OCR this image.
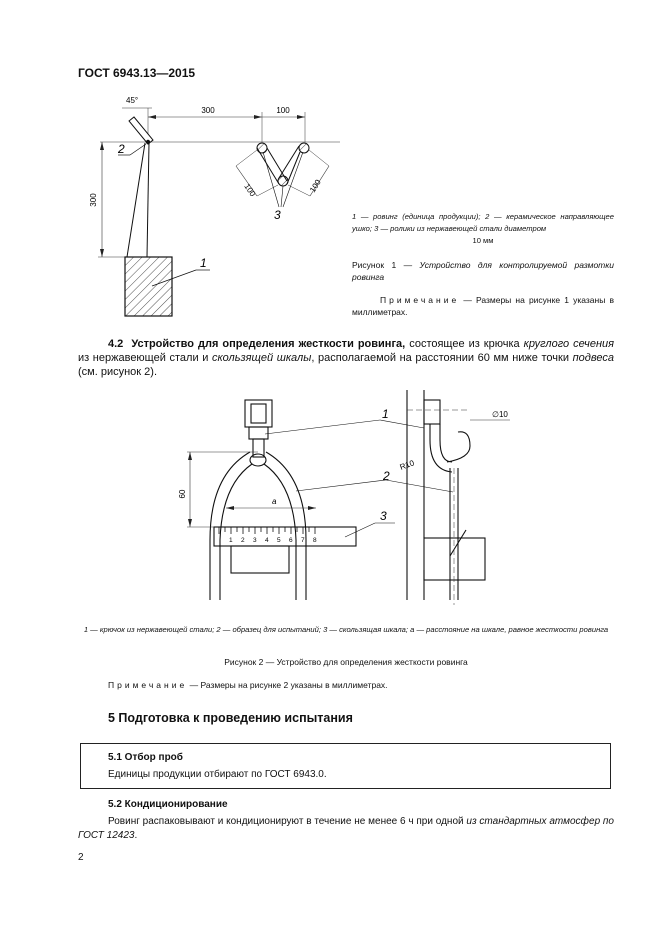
ГОСТ 6943.13—2015
300
45°
300	100
1
2
100	100
3	1 — ровинг (единица продукции); 2 — керамическое направляющее ушко; 3 — ролики из нержавеющей стали диаметром
10 мм
Рисунок 1 — Устройство для контролируемой размотки ровинга
Примечание — Размеры на рисунке 1 указаны в миллиметрах.
4.2 Устройство для определения жесткости ровинга, состоящее из крючка круглого сечения из нержавеющей стали и скользящей шкалы, располагаемой на расстоянии 60 мм ниже точки подвеса (см. рисунок 2).
1 2 3 4 5 6 7 8
a
60
∅10
R10
1
2
3
1 — крючок из нержавеющей стали; 2 — образец для испытаний; 3 — скользящая шкала; а — расстояние на шкале, равное жесткости ровинга
Рисунок 2 — Устройство для определения жесткости ровинга
Примечание — Размеры на рисунке 2 указаны в миллиметрах.
5 Подготовка к проведению испытания
5.1 Отбор проб
Единицы продукции отбирают по ГОСТ 6943.0.
5.2 Кондиционирование
Ровинг распаковывают и кондиционируют в течение не менее 6 ч при одной из стандартных атмосфер по ГОСТ 12423.
2
